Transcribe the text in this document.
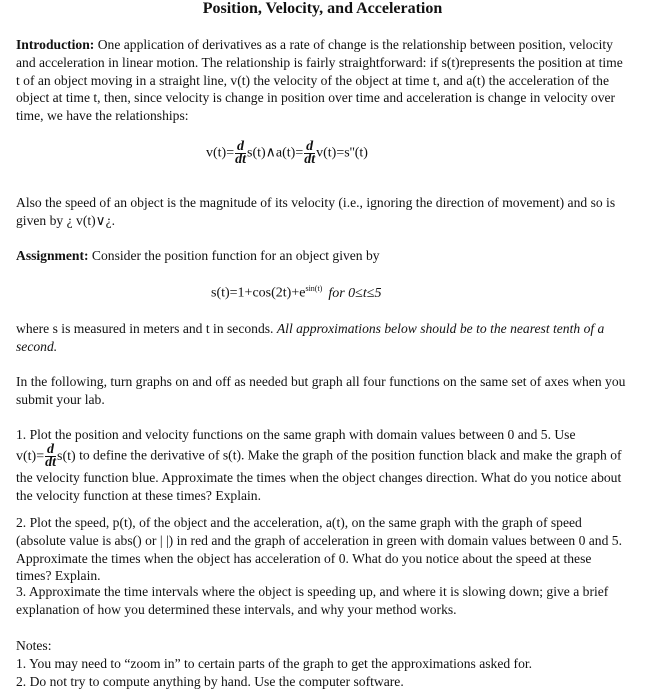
Position, Velocity, and Acceleration
Introduction: One application of derivatives as a rate of change is the relationship between position, velocity and acceleration in linear motion. The relationship is fairly straightforward: if s(t)represents the position at time t of an object moving in a straight line, v(t) the velocity of the object at time t, and a(t) the acceleration of the object at time t, then, since velocity is change in position over time and acceleration is change in velocity over time, we have the relationships:
$v(t)= \frac{d}{dt}$ s(t)∧a(t)= $\frac{d}{dt} v(t)=s''(t)$
Also the speed of an object is the magnitude of its velocity (i.e., ignoring the direction of movement) and so is given by ¿ v(t)∨¿.
Assignment: Consider the position function for an object given by
$s(t)=1+\cos(2t)+e^{sin(t)}$ for 0≤t≤5
where s is measured in meters and t in seconds. All approximations below should be to the nearest tenth of a second.
In the following, turn graphs on and off as needed but graph all four functions on the same set of axes when you submit your lab.
1. Plot the position and velocity functions on the same graph with domain values between 0 and 5. Use $v(t)= \frac{d}{dt} s(t)$ to define the derivative of s(t). Make the graph of the position function black and make the graph of the velocity function blue. Approximate the times when the object changes direction. What do you notice about the velocity function at these times? Explain.
2. Plot the speed, p(t), of the object and the acceleration, a(t), on the same graph with the graph of speed (absolute value is abs() or | |) in red and the graph of acceleration in green with domain values between 0 and 5. Approximate the times when the object has acceleration of 0. What do you notice about the speed at these times? Explain.
3. Approximate the time intervals where the object is speeding up, and where it is slowing down; give a brief explanation of how you determined these intervals, and why your method works.
Notes:
1. You may need to “zoom in” to certain parts of the graph to get the approximations asked for.
2. Do not try to compute anything by hand. Use the computer software.
